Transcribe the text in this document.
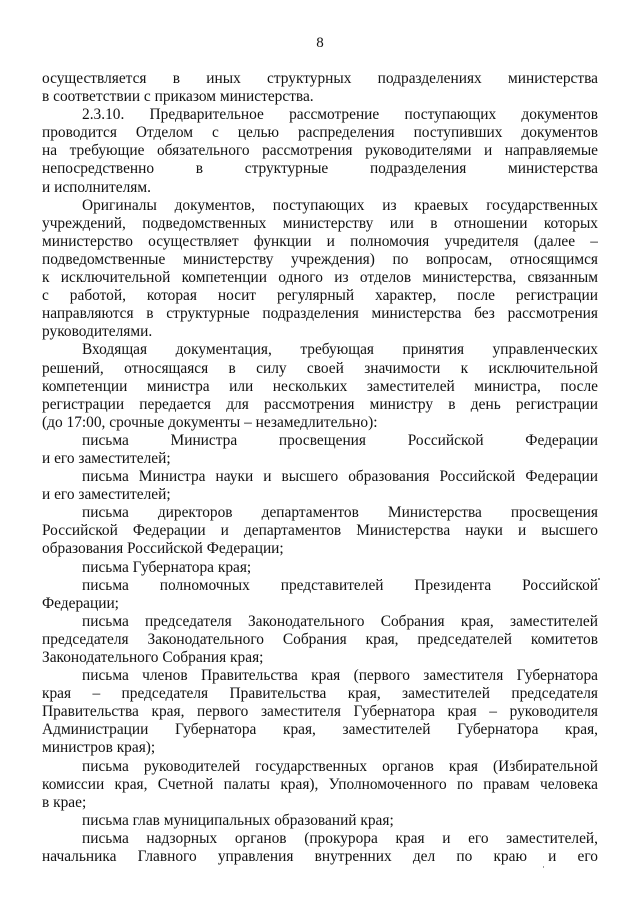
8
осуществляется в иных структурных подразделениях министерства
в соответствии с приказом министерства.
2.3.10. Предварительное рассмотрение поступающих документов
проводится Отделом с целью распределения поступивших документов
на требующие обязательного рассмотрения руководителями и направляемые
непосредственно в структурные подразделения министерства
и исполнителям.
Оригиналы документов, поступающих из краевых государственных
учреждений, подведомственных министерству или в отношении которых
министерство осуществляет функции и полномочия учредителя (далее –
подведомственные министерству учреждения) по вопросам, относящимся
к исключительной компетенции одного из отделов министерства, связанным
с работой, которая носит регулярный характер, после регистрации
направляются в структурные подразделения министерства без рассмотрения
руководителями.
Входящая документация, требующая принятия управленческих
решений, относящаяся в силу своей значимости к исключительной
компетенции министра или нескольких заместителей министра, после
регистрации передается для рассмотрения министру в день регистрации
(до 17:00, срочные документы – незамедлительно):
письма Министра просвещения Российской Федерации
и его заместителей;
письма Министра науки и высшего образования Российской Федерации
и его заместителей;
письма директоров департаментов Министерства просвещения
Российской Федерации и департаментов Министерства науки и высшего
образования Российской Федерации;
письма Губернатора края;
письма полномочных представителей Президента Российской
Федерации;
письма председателя Законодательного Собрания края, заместителей
председателя Законодательного Собрания края, председателей комитетов
Законодательного Собрания края;
письма членов Правительства края (первого заместителя Губернатора
края – председателя Правительства края, заместителей председателя
Правительства края, первого заместителя Губернатора края – руководителя
Администрации Губернатора края, заместителей Губернатора края,
министров края);
письма руководителей государственных органов края (Избирательной
комиссии края, Счетной палаты края), Уполномоченного по правам человека
в крае;
письма глав муниципальных образований края;
письма надзорных органов (прокурора края и его заместителей,
начальника Главного управления внутренних дел по краю и его
